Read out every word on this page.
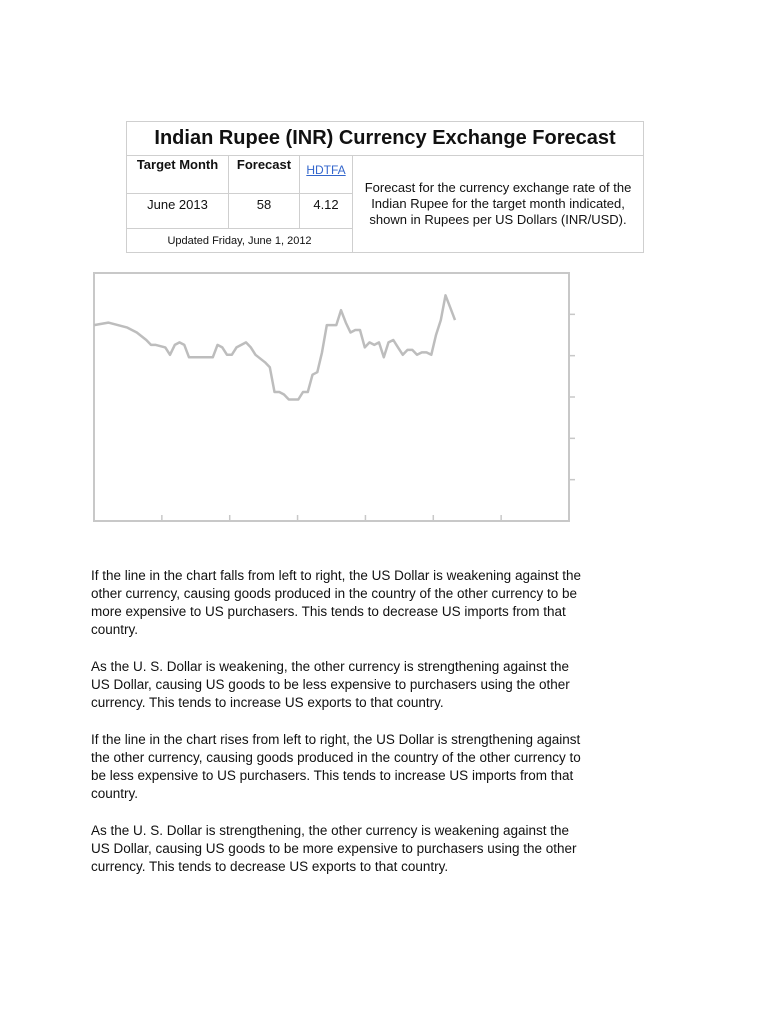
Indian Rupee (INR) Currency Exchange Forecast			
Target Month	Forecast	HDTFA	Forecast for the currency exchange rate of the Indian Rupee for the target month indicated, shown in Rupees per US Dollars (INR/USD).
June 2013	58	4.12	
Updated Friday, June 1, 2012			

If the line in the chart falls from left to right, the US Dollar is weakening against the other currency, causing goods produced in the country of the other currency to be more expensive to US purchasers. This tends to decrease US imports from that country.

As the U. S. Dollar is weakening, the other currency is strengthening against the US Dollar, causing US goods to be less expensive to purchasers using the other currency. This tends to increase US exports to that country.

If the line in the chart rises from left to right, the US Dollar is strengthening against the other currency, causing goods produced in the country of the other currency to be less expensive to US purchasers. This tends to increase US imports from that country.

As the U. S. Dollar is strengthening, the other currency is weakening against the US Dollar, causing US goods to be more expensive to purchasers using the other currency. This tends to decrease US exports to that country.
